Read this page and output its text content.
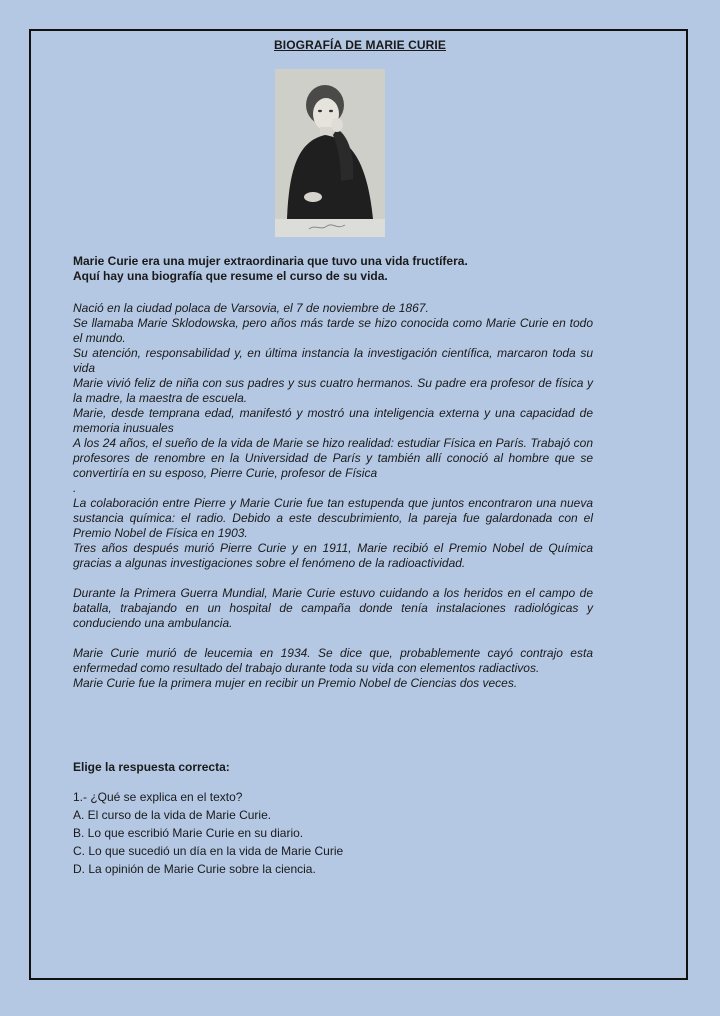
BIOGRAFÍA DE MARIE CURIE
Marie Curie era una mujer extraordinaria que tuvo una vida fructífera.
Aquí hay una biografía que resume el curso de su vida.

Nació en la ciudad polaca de Varsovia, el 7 de noviembre de 1867.

Se llamaba Marie Sklodowska, pero años más tarde se hizo conocida como Marie Curie en todo el mundo.

Su atención, responsabilidad y, en última instancia la investigación científica, marcaron toda su vida

Marie vivió feliz de niña con sus padres y sus cuatro hermanos. Su padre era profesor de física y la madre, la maestra de escuela.

Marie, desde temprana edad, manifestó y mostró una inteligencia externa y una capacidad de memoria inusuales

A los 24 años, el sueño de la vida de Marie se hizo realidad: estudiar Física en París. Trabajó con profesores de renombre en la Universidad de París y también allí conoció al hombre que se convertiría en su esposo, Pierre Curie, profesor de Física

.

La colaboración entre Pierre y Marie Curie fue tan estupenda que juntos encontraron una nueva sustancia química: el radio. Debido a este descubrimiento, la pareja fue galardonada con el Premio Nobel de Física en 1903.

Tres años después murió Pierre Curie y en 1911, Marie recibió el Premio Nobel de Química gracias a algunas investigaciones sobre el fenómeno de la radioactividad.

Durante la Primera Guerra Mundial, Marie Curie estuvo cuidando a los heridos en el campo de batalla, trabajando en un hospital de campaña donde tenía instalaciones radiológicas y conduciendo una ambulancia.

Marie Curie murió de leucemia en 1934. Se dice que, probablemente cayó contrajo esta enfermedad como resultado del trabajo durante toda su vida con elementos radiactivos.

Marie Curie fue la primera mujer en recibir un Premio Nobel de Ciencias dos veces.

Elige la respuesta correcta:
1.- ¿Qué se explica en el texto?
A. El curso de la vida de Marie Curie.
B. Lo que escribió Marie Curie en su diario.
C. Lo que sucedió un día en la vida de Marie Curie
D. La opinión de Marie Curie sobre la ciencia.
